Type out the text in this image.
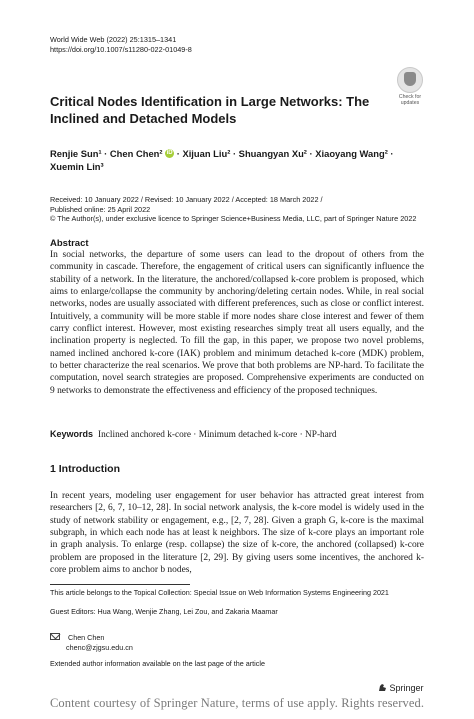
World Wide Web (2022) 25:1315–1341
https://doi.org/10.1007/s11280-022-01049-8
Check for
updates
Critical Nodes Identification in Large Networks: The Inclined and Detached Models
Renjie Sun¹ · Chen Chen² iD · Xijuan Liu² · Shuangyan Xu² · Xiaoyang Wang² ·
Xuemin Lin³
Received: 10 January 2022 / Revised: 10 January 2022 / Accepted: 18 March 2022 /
Published online: 25 April 2022
© The Author(s), under exclusive licence to Springer Science+Business Media, LLC, part of Springer Nature 2022
Abstract
In social networks, the departure of some users can lead to the dropout of others from the community in cascade. Therefore, the engagement of critical users can significantly influence the stability of a network. In the literature, the anchored/collapsed k-core problem is proposed, which aims to enlarge/collapse the community by anchoring/deleting certain nodes. While, in real social networks, nodes are usually associated with different preferences, such as close or conflict interest. Intuitively, a community will be more stable if more nodes share close interest and fewer of them carry conflict interest. However, most existing researches simply treat all users equally, and the inclination property is neglected. To fill the gap, in this paper, we propose two novel problems, named inclined anchored k-core (IAK) problem and minimum detached k-core (MDK) problem, to better characterize the real scenarios. We prove that both problems are NP-hard. To facilitate the computation, novel search strategies are proposed. Comprehensive experiments are conducted on 9 networks to demonstrate the effectiveness and efficiency of the proposed techniques.
Keywords Inclined anchored k-core · Minimum detached k-core · NP-hard
1 Introduction
In recent years, modeling user engagement for user behavior has attracted great interest from researchers [2, 6, 7, 10–12, 28]. In social network analysis, the k-core model is widely used in the study of network stability or engagement, e.g., [2, 7, 28]. Given a graph G, k-core is the maximal subgraph, in which each node has at least k neighbors. The size of k-core plays an important role in graph analysis. To enlarge (resp. collapse) the size of k-core, the anchored (collapsed) k-core problem are proposed in the literature [2, 29]. By giving users some incentives, the anchored k-core problem aims to anchor b nodes,
This article belongs to the Topical Collection: Special Issue on Web Information Systems Engineering 2021
Guest Editors: Hua Wang, Wenjie Zhang, Lei Zou, and Zakaria Maamar
Chen Chen
chenc@zjgsu.edu.cn
Extended author information available on the last page of the article
Springer
Content courtesy of Springer Nature, terms of use apply. Rights reserved.
